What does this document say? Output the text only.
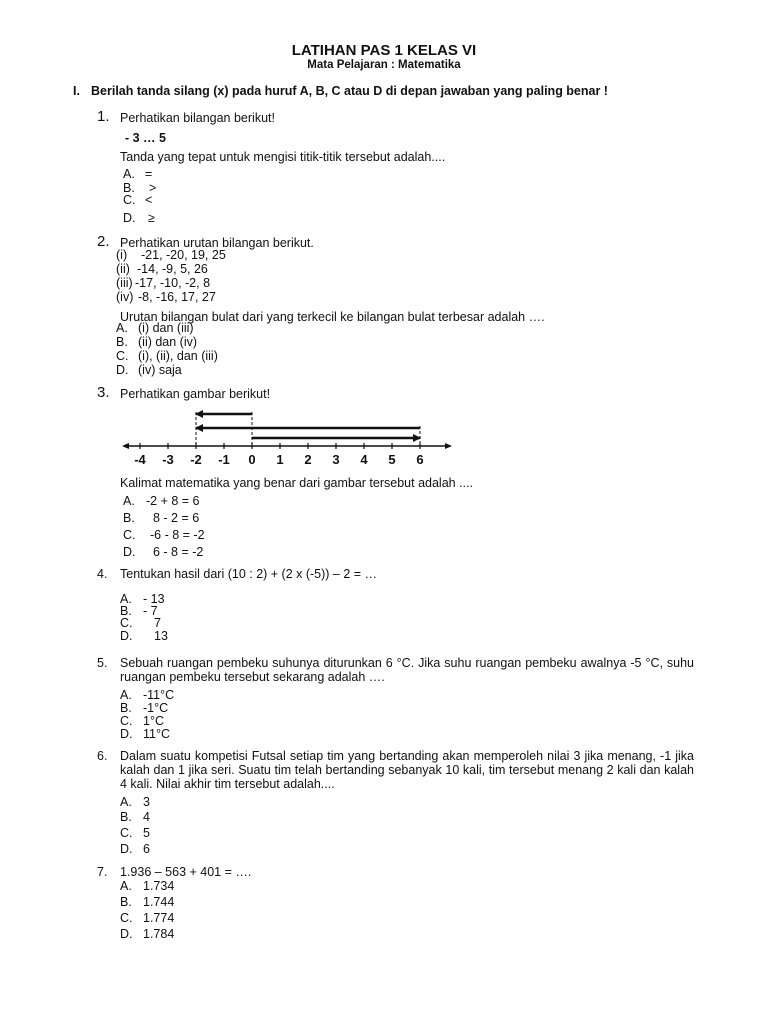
LATIHAN PAS 1 KELAS VI
Mata Pelajaran : Matematika
I. Berilah tanda silang (x) pada huruf A, B, C atau D di depan jawaban yang paling benar !
1. Perhatikan bilangan berikut!
- 3 … 5
Tanda yang tepat untuk mengisi titik-titik tersebut adalah....
A. =
B. >
C. <
D. ≥
2. Perhatikan urutan bilangan berikut.
(i) -21, -20, 19, 25
(ii) -14, -9, 5, 26
(iii) -17, -10, -2, 8
(iv) -8, -16, 17, 27
Urutan bilangan bulat dari yang terkecil ke bilangan bulat terbesar adalah ….
A. (i) dan (iii)
B. (ii) dan (iv)
C. (i), (ii), dan (iii)
D. (iv) saja
3. Perhatikan gambar berikut!
-4 -3 -2 -1 0 1 2 3 4 5 6
Kalimat matematika yang benar dari gambar tersebut adalah ....
A. -2 + 8 = 6
B. 8 - 2 = 6
C. -6 - 8 = -2
D. 6 - 8 = -2
4. Tentukan hasil dari (10 : 2) + (2 x (-5)) – 2 = …
A. - 13
B. - 7
C. 7
D. 13
5. Sebuah ruangan pembeku suhunya diturunkan 6 °C. Jika suhu ruangan pembeku awalnya -5 °C, suhu ruangan pembeku tersebut sekarang adalah ….
A. -11°C
B. -1°C
C. 1°C
D. 11°C
6. Dalam suatu kompetisi Futsal setiap tim yang bertanding akan memperoleh nilai 3 jika menang, -1 jika kalah dan 1 jika seri. Suatu tim telah bertanding sebanyak 10 kali, tim tersebut menang 2 kali dan kalah 4 kali. Nilai akhir tim tersebut adalah....
A. 3
B. 4
C. 5
D. 6
7. 1.936 – 563 + 401 = ….
A. 1.734
B. 1.744
C. 1.774
D. 1.784
